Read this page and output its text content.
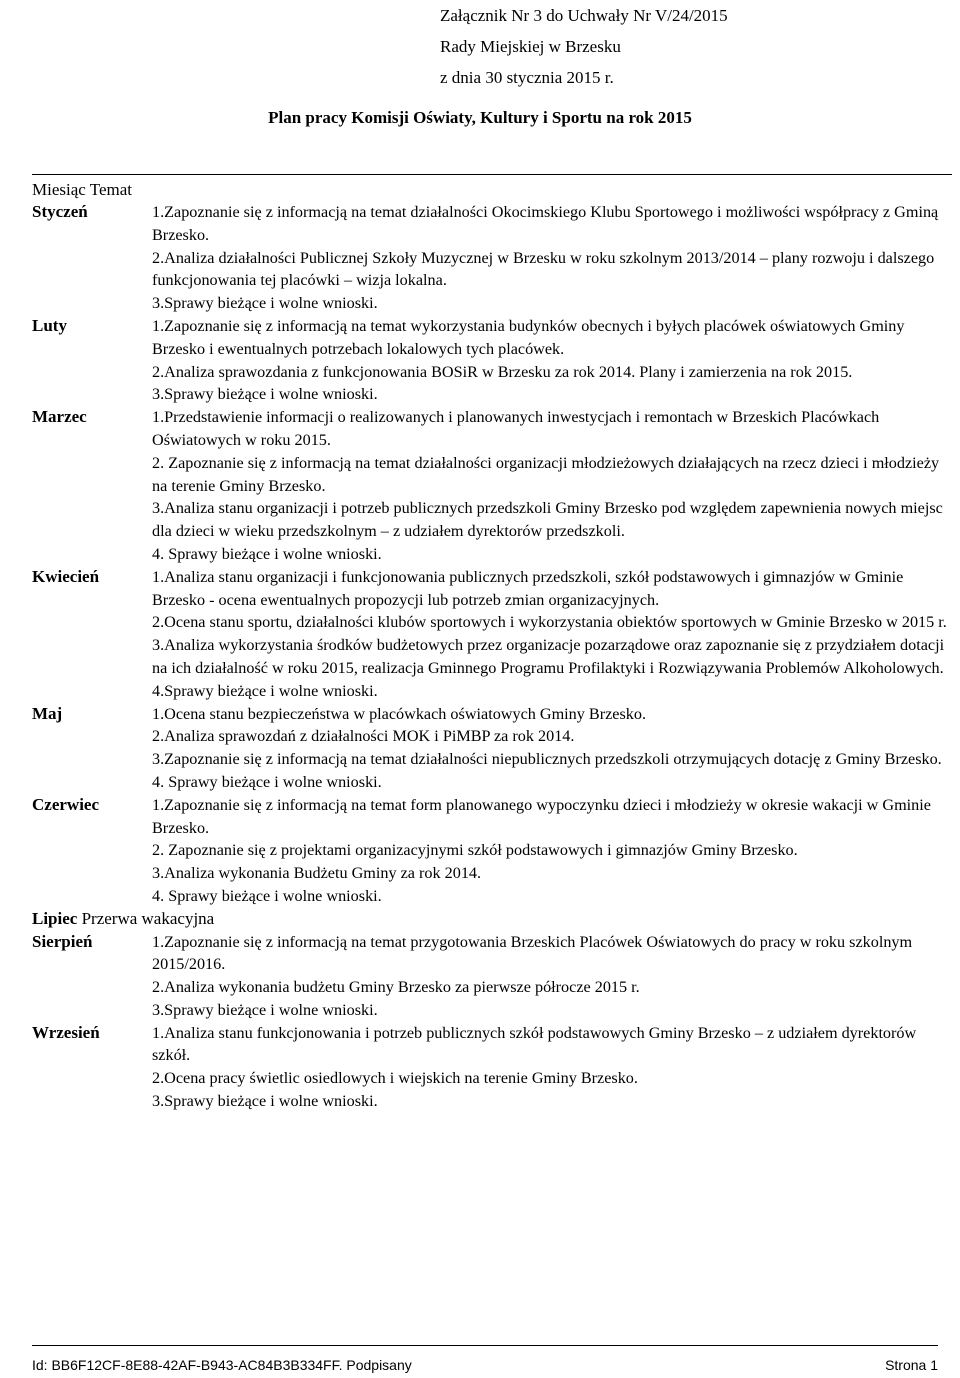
Załącznik Nr 3 do Uchwały Nr V/24/2015
Rady Miejskiej w Brzesku
z dnia 30 stycznia 2015 r.
Plan pracy Komisji Oświaty, Kultury i Sportu na rok 2015
Miesiąc Temat
Styczeń	1.Zapoznanie się z informacją na temat działalności Okocimskiego Klubu Sportowego i możliwości współpracy z Gminą Brzesko.
2.Analiza działalności Publicznej Szkoły Muzycznej w Brzesku w roku szkolnym 2013/2014 – plany rozwoju i dalszego funkcjonowania tej placówki – wizja lokalna.
3.Sprawy bieżące i wolne wnioski.
Luty	1.Zapoznanie się z informacją na temat wykorzystania budynków obecnych i byłych placówek oświatowych Gminy Brzesko i ewentualnych potrzebach lokalowych tych placówek.
2.Analiza sprawozdania z funkcjonowania BOSiR w Brzesku za rok 2014. Plany i zamierzenia na rok 2015.
3.Sprawy bieżące i wolne wnioski.
Marzec	1.Przedstawienie informacji o realizowanych i planowanych inwestycjach i remontach w Brzeskich Placówkach Oświatowych w roku 2015.
2. Zapoznanie się z informacją na temat działalności organizacji młodzieżowych działających na rzecz dzieci i młodzieży na terenie Gminy Brzesko.
3.Analiza stanu organizacji i potrzeb publicznych przedszkoli Gminy Brzesko pod względem zapewnienia nowych miejsc dla dzieci w wieku przedszkolnym – z udziałem dyrektorów przedszkoli.
4. Sprawy bieżące i wolne wnioski.
Kwiecień	1.Analiza stanu organizacji i funkcjonowania publicznych przedszkoli, szkół podstawowych i gimnazjów w Gminie Brzesko - ocena ewentualnych propozycji lub potrzeb zmian organizacyjnych.
2.Ocena stanu sportu, działalności klubów sportowych i wykorzystania obiektów sportowych w Gminie Brzesko w 2015 r.
3.Analiza wykorzystania środków budżetowych przez organizacje pozarządowe oraz zapoznanie się z przydziałem dotacji na ich działalność w roku 2015, realizacja Gminnego Programu Profilaktyki i Rozwiązywania Problemów Alkoholowych.
4.Sprawy bieżące i wolne wnioski.
Maj	1.Ocena stanu bezpieczeństwa w placówkach oświatowych Gminy Brzesko.
2.Analiza sprawozdań z działalności MOK i PiMBP za rok 2014.
3.Zapoznanie się z informacją na temat działalności niepublicznych przedszkoli otrzymujących dotację z Gminy Brzesko.
4. Sprawy bieżące i wolne wnioski.
Czerwiec	1.Zapoznanie się z informacją na temat form planowanego wypoczynku dzieci i młodzieży w okresie wakacji w Gminie Brzesko.
2. Zapoznanie się z projektami organizacyjnymi szkół podstawowych i gimnazjów Gminy Brzesko.
3.Analiza wykonania Budżetu Gminy za rok 2014.
4. Sprawy bieżące i wolne wnioski.
Lipiec Przerwa wakacyjna
Sierpień	1.Zapoznanie się z informacją na temat przygotowania Brzeskich Placówek Oświatowych do pracy w roku szkolnym 2015/2016.
2.Analiza wykonania budżetu Gminy Brzesko za pierwsze półrocze 2015 r.
3.Sprawy bieżące i wolne wnioski.
Wrzesień	1.Analiza stanu funkcjonowania i potrzeb publicznych szkół podstawowych Gminy Brzesko – z udziałem dyrektorów szkół.
2.Ocena pracy świetlic osiedlowych i wiejskich na terenie Gminy Brzesko.
3.Sprawy bieżące i wolne wnioski.
Id: BB6F12CF-8E88-42AF-B943-AC84B3B334FF. Podpisany	Strona 1
